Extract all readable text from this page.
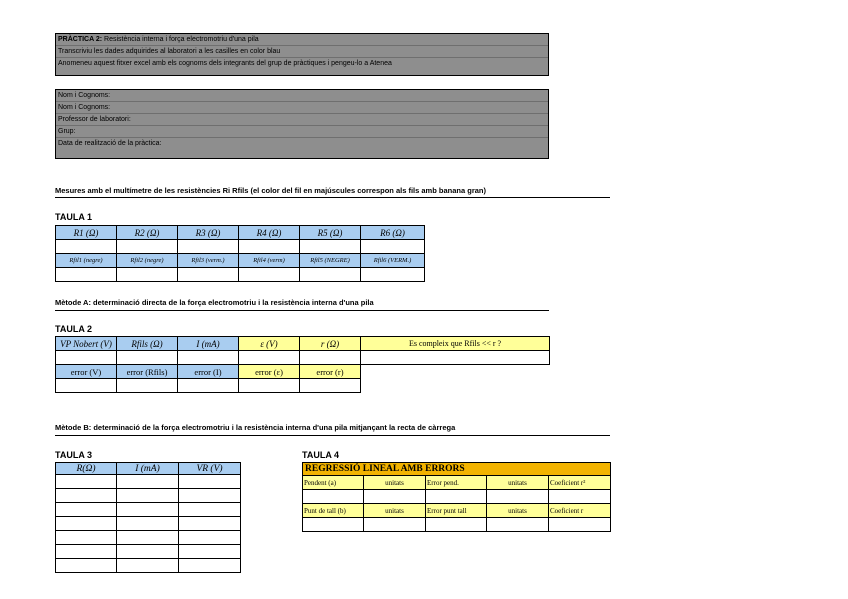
PRÀCTICA 2: Resistència interna i força electromotriu d'una pila
Transcriviu les dades adquirides al laboratori a les casilles en color blau
Anomeneu aquest fitxer excel amb els cognoms dels integrants del grup de pràctiques i pengeu-lo a Atenea
Nom i Cognoms:
Nom i Cognoms:
Professor de laboratori:
Grup:
Data de realització de la pràctica:
Mesures amb el multímetre de les resistències Ri Rfils (el color del fil en majúscules correspon als fils amb banana gran)
TAULA 1
R1 (Ω)	R2 (Ω)	R3 (Ω)	R4 (Ω)	R5 (Ω)	R6 (Ω)

Rfil1 (negre)	Rfil2 (negre)	Rfil3 (verm.)	Rfil4 (verm)	Rfil5 (NEGRE)	Rfil6 (VERM.)

Mètode A: determinació directa de la força electromotriu i la resistència interna d'una pila
TAULA 2
VP Nobert (V)	Rfils (Ω)	I (mA)	ε (V)	r (Ω)	Es compleix que Rfils << r ?

error (V)	error (Rfils)	error (I)	error (ε)	error (r)	

Mètode B: determinació de la força electromotriu i la resistència interna d'una pila mitjançant la recta de càrrega
TAULA 3
R(Ω)	I (mA)	VR (V)

TAULA 4
REGRESSIÓ LINEAL AMB ERRORS				
Pendent (a)	unitats	Error pend.	unitats	Coeficient r²

Punt de tall (b)	unitats	Error punt tall	unitats	Coeficient r
